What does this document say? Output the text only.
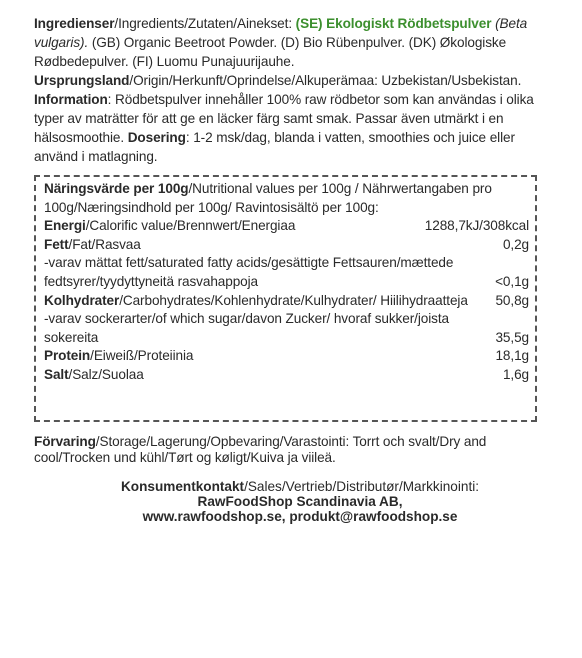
Ingredienser/Ingredients/Zutaten/Ainekset: (SE) Ekologiskt Rödbetspulver (Beta vulgaris). (GB) Organic Beetroot Powder. (D) Bio Rübenpulver. (DK) Økologiske Rødbedepulver. (FI) Luomu Punajuurijauhe. Ursprungsland/Origin/Herkunft/Oprindelse/Alkuperämaa: Uzbekistan/Usbekistan. Information: Rödbetspulver innehåller 100% raw rödbetor som kan användas i olika typer av maträtter för att ge en läcker färg samt smak. Passar även utmärkt i en hälsosmoothie. Dosering: 1-2 msk/dag, blanda i vatten, smoothies och juice eller använd i matlagning.
Näringsvärde per 100g/Nutritional values per 100g / Nährwertangaben pro 100g/Næringsindhold per 100g/ Ravintosisältö per 100g:
Energi/Calorific value/Brennwert/Energiaa	1288,7kJ/308kcal
Fett/Fat/Rasvaa	0,2g
-varav mättat fett/saturated fatty acids/gesättigte Fettsauren/mættede fedtsyrer/tyydyttyneitä rasvahappoja	<0,1g
Kolhydrater/Carbohydrates/Kohlenhydrate/Kulhydrater/ Hiilihydraatteja	50,8g
-varav sockerarter/of which sugar/davon Zucker/ hvoraf sukker/joista sokereita	35,5g
Protein/Eiweiß/Proteiinia	18,1g
Salt/Salz/Suolaa	1,6g
Förvaring/Storage/Lagerung/Opbevaring/Varastointi: Torrt och svalt/Dry and cool/Trocken und kühl/Tørt og køligt/Kuiva ja viileä.
Konsumentkontakt/Sales/Vertrieb/Distributør/Markkinointi:
RawFoodShop Scandinavia AB,
www.rawfoodshop.se, produkt@rawfoodshop.se
